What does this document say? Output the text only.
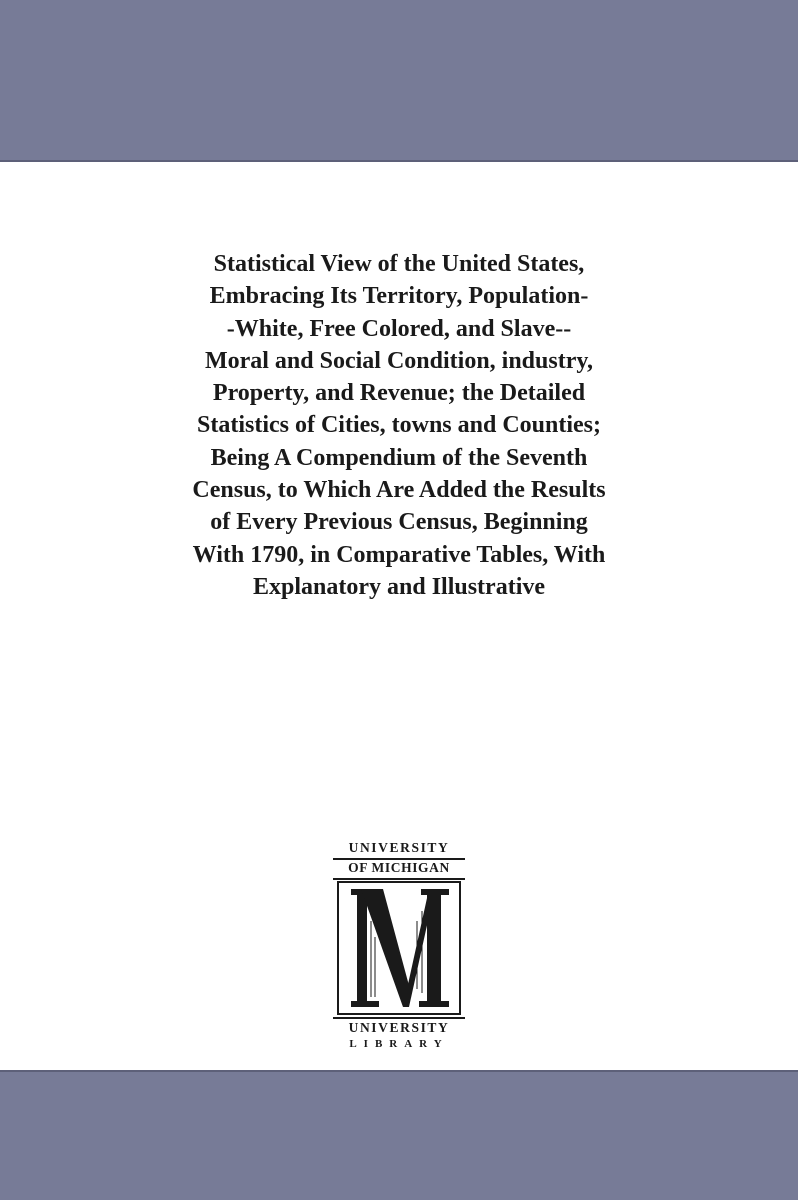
Statistical View of the United States,
Embracing Its Territory, Population-
-White, Free Colored, and Slave--
Moral and Social Condition, industry,
Property, and Revenue; the Detailed
Statistics of Cities, towns and Counties;
Being A Compendium of the Seventh
Census, to Which Are Added the Results
of Every Previous Census, Beginning
With 1790, in Comparative Tables, With
Explanatory and Illustrative
UNIVERSITY
OF MICHIGAN
UNIVERSITY
LIBRARY
